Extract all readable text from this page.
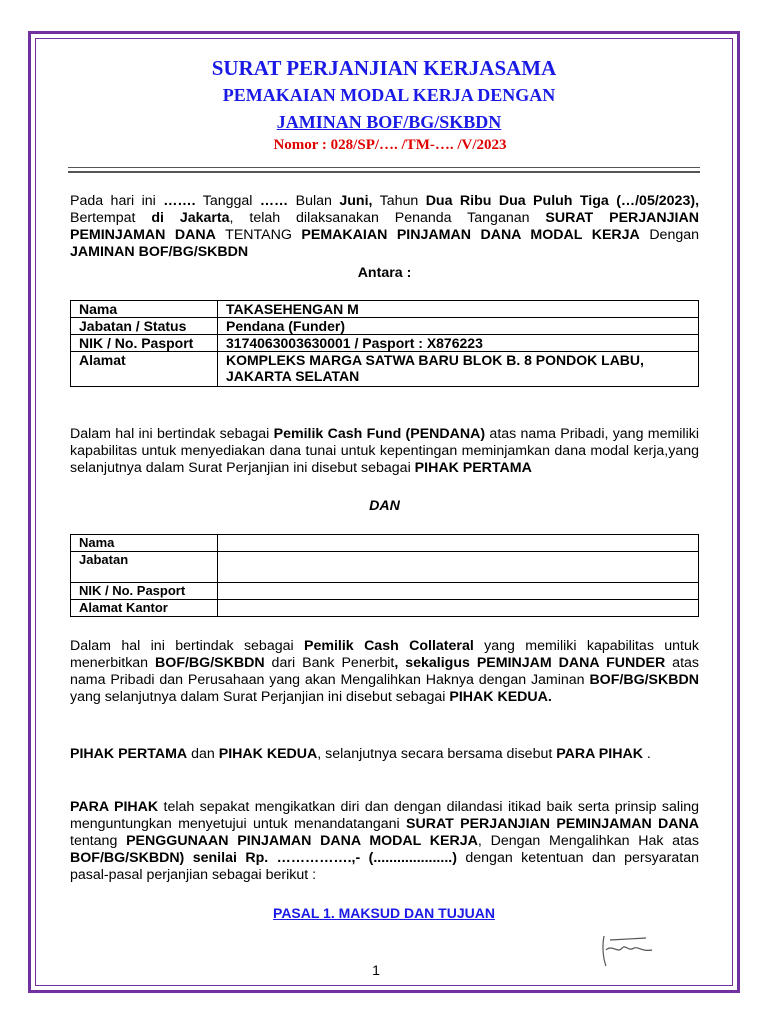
SURAT PERJANJIAN KERJASAMA
PEMAKAIAN MODAL KERJA DENGAN
JAMINAN BOF/BG/SKBDN
Nomor : 028/SP/…. /TM-…. /V/2023

Pada hari ini ……. Tanggal …… Bulan Juni, Tahun Dua Ribu Dua Puluh Tiga (…/05/2023), Bertempat di Jakarta, telah dilaksanakan Penanda Tanganan SURAT PERJANJIAN PEMINJAMAN DANA TENTANG PEMAKAIAN PINJAMAN DANA MODAL KERJA Dengan JAMINAN BOF/BG/SKBDN

Antara :

Nama	TAKASEHENGAN M
Jabatan / Status	Pendana (Funder)
NIK / No. Pasport	3174063003630001 / Pasport : X876223
Alamat	KOMPLEKS MARGA SATWA BARU BLOK B. 8 PONDOK LABU, JAKARTA SELATAN

Dalam hal ini bertindak sebagai Pemilik Cash Fund (PENDANA) atas nama Pribadi, yang memiliki kapabilitas untuk menyediakan dana tunai untuk kepentingan meminjamkan dana modal kerja,yang selanjutnya dalam Surat Perjanjian ini disebut sebagai PIHAK PERTAMA

DAN

Nama	
Jabatan	
NIK / No. Pasport	
Alamat Kantor	

Dalam hal ini bertindak sebagai Pemilik Cash Collateral yang memiliki kapabilitas untuk menerbitkan BOF/BG/SKBDN dari Bank Penerbit, sekaligus PEMINJAM DANA FUNDER atas nama Pribadi dan Perusahaan yang akan Mengalihkan Haknya dengan Jaminan BOF/BG/SKBDN yang selanjutnya dalam Surat Perjanjian ini disebut sebagai PIHAK KEDUA.

PIHAK PERTAMA dan PIHAK KEDUA, selanjutnya secara bersama disebut PARA PIHAK .

PARA PIHAK telah sepakat mengikatkan diri dan dengan dilandasi itikad baik serta prinsip saling menguntungkan menyetujui untuk menandatangani SURAT PERJANJIAN PEMINJAMAN DANA tentang PENGGUNAAN PINJAMAN DANA MODAL KERJA, Dengan Mengalihkan Hak atas BOF/BG/SKBDN) senilai Rp. …………….,- (....................) dengan ketentuan dan persyaratan pasal-pasal perjanjian sebagai berikut :

PASAL 1. MAKSUD DAN TUJUAN
1
